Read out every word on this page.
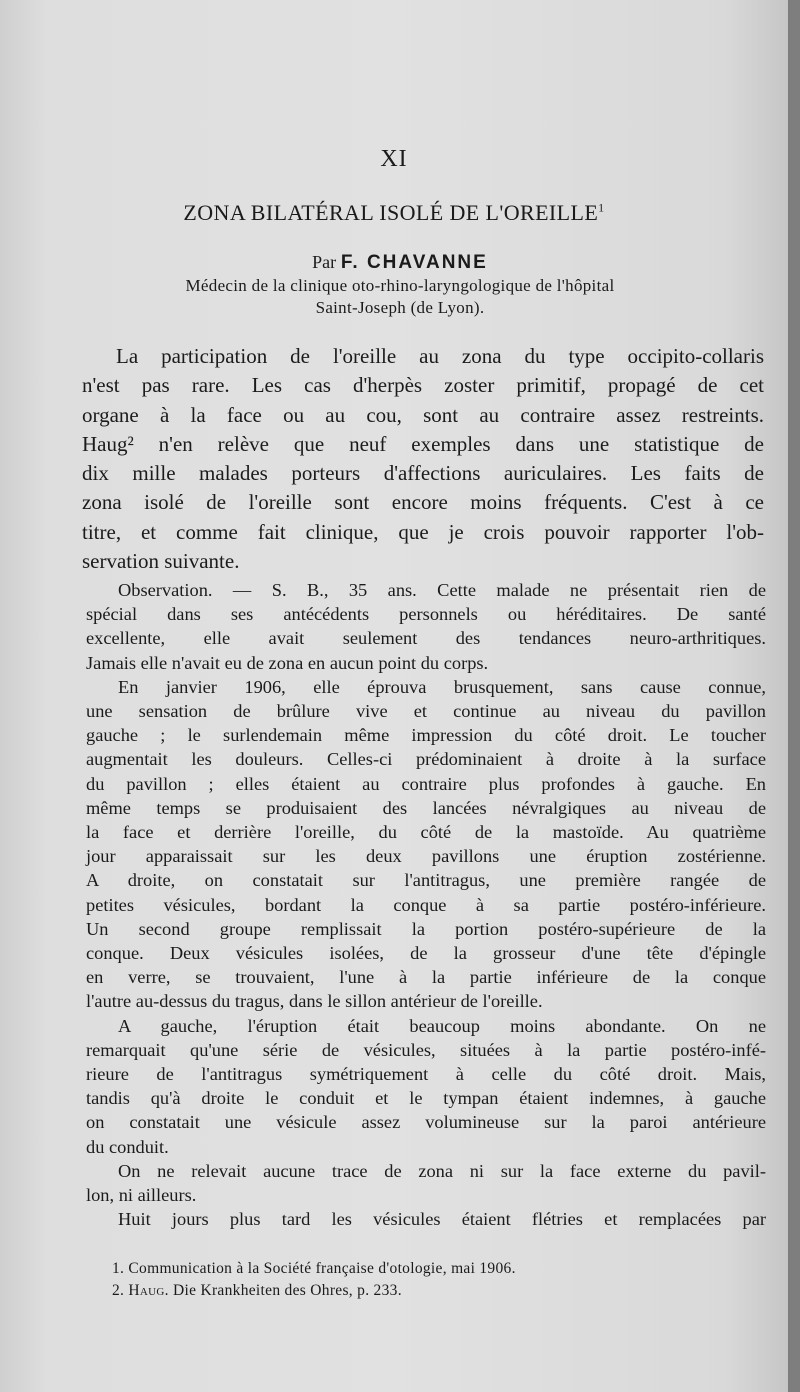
XI
ZONA BILATÉRAL ISOLÉ DE L'OREILLE$^1$
Par F. CHAVANNE
Médecin de la clinique oto-rhino-laryngologique de l'hôpital
Saint-Joseph (de Lyon).
La participation de l'oreille au zona du type occipito-collaris
n'est pas rare. Les cas d'herpès zoster primitif, propagé de cet
organe à la face ou au cou, sont au contraire assez restreints.
Haug² n'en relève que neuf exemples dans une statistique de
dix mille malades porteurs d'affections auriculaires. Les faits de
zona isolé de l'oreille sont encore moins fréquents. C'est à ce
titre, et comme fait clinique, que je crois pouvoir rapporter l'ob-
servation suivante.
Observation. — S. B., 35 ans. Cette malade ne présentait rien de
spécial dans ses antécédents personnels ou héréditaires. De santé
excellente, elle avait seulement des tendances neuro-arthritiques.
Jamais elle n'avait eu de zona en aucun point du corps.
En janvier 1906, elle éprouva brusquement, sans cause connue,
une sensation de brûlure vive et continue au niveau du pavillon
gauche ; le surlendemain même impression du côté droit. Le toucher
augmentait les douleurs. Celles-ci prédominaient à droite à la surface
du pavillon ; elles étaient au contraire plus profondes à gauche. En
même temps se produisaient des lancées névralgiques au niveau de
la face et derrière l'oreille, du côté de la mastoïde. Au quatrième
jour apparaissait sur les deux pavillons une éruption zostérienne.
A droite, on constatait sur l'antitragus, une première rangée de
petites vésicules, bordant la conque à sa partie postéro-inférieure.
Un second groupe remplissait la portion postéro-supérieure de la
conque. Deux vésicules isolées, de la grosseur d'une tête d'épingle
en verre, se trouvaient, l'une à la partie inférieure de la conque
l'autre au-dessus du tragus, dans le sillon antérieur de l'oreille.
A gauche, l'éruption était beaucoup moins abondante. On ne
remarquait qu'une série de vésicules, situées à la partie postéro-infé-
rieure de l'antitragus symétriquement à celle du côté droit. Mais,
tandis qu'à droite le conduit et le tympan étaient indemnes, à gauche
on constatait une vésicule assez volumineuse sur la paroi antérieure
du conduit.
On ne relevait aucune trace de zona ni sur la face externe du pavil-
lon, ni ailleurs.
Huit jours plus tard les vésicules étaient flétries et remplacées par
1. Communication à la Société française d'otologie, mai 1906.
2. Haug. Die Krankheiten des Ohres, p. 233.
